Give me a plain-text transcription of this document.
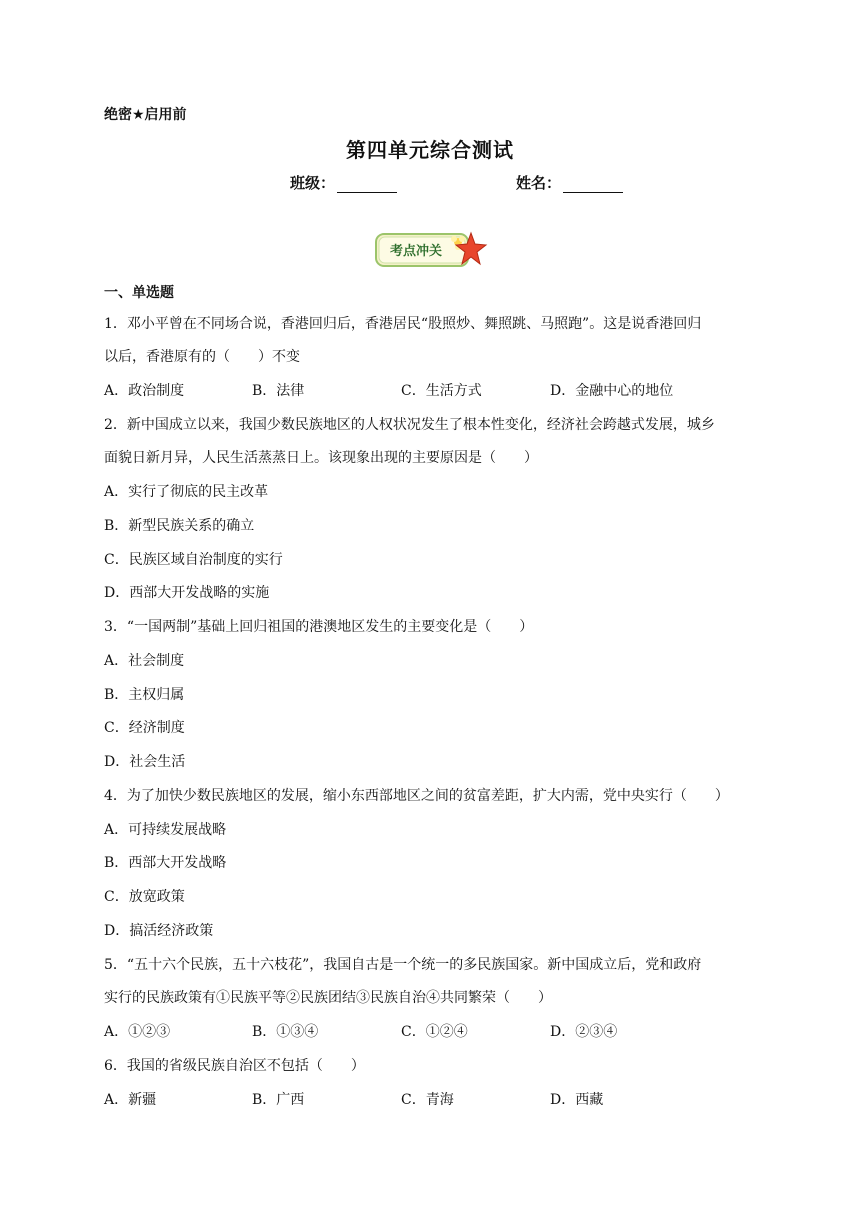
绝密★启用前
第四单元综合测试
班级：	姓名：
考点冲关
一、单选题
1．邓小平曾在不同场合说，香港回归后，香港居民“股照炒、舞照跳、马照跑”。这是说香港回归
以后，香港原有的（　　）不变
A．政治制度	B．法律	C．生活方式	D．金融中心的地位
2．新中国成立以来，我国少数民族地区的人权状况发生了根本性变化，经济社会跨越式发展，城乡
面貌日新月异，人民生活蒸蒸日上。该现象出现的主要原因是（　　）
A．实行了彻底的民主改革
B．新型民族关系的确立
C．民族区域自治制度的实行
D．西部大开发战略的实施
3．“一国两制”基础上回归祖国的港澳地区发生的主要变化是（　　）
A．社会制度
B．主权归属
C．经济制度
D．社会生活
4．为了加快少数民族地区的发展，缩小东西部地区之间的贫富差距，扩大内需，党中央实行（　　）
A．可持续发展战略
B．西部大开发战略
C．放宽政策
D．搞活经济政策
5．“五十六个民族，五十六枝花”，我国自古是一个统一的多民族国家。新中国成立后，党和政府
实行的民族政策有①民族平等②民族团结③民族自治④共同繁荣（　　）
A．①②③	B．①③④	C．①②④	D．②③④
6．我国的省级民族自治区不包括（　　）
A．新疆	B．广西	C．青海	D．西藏
